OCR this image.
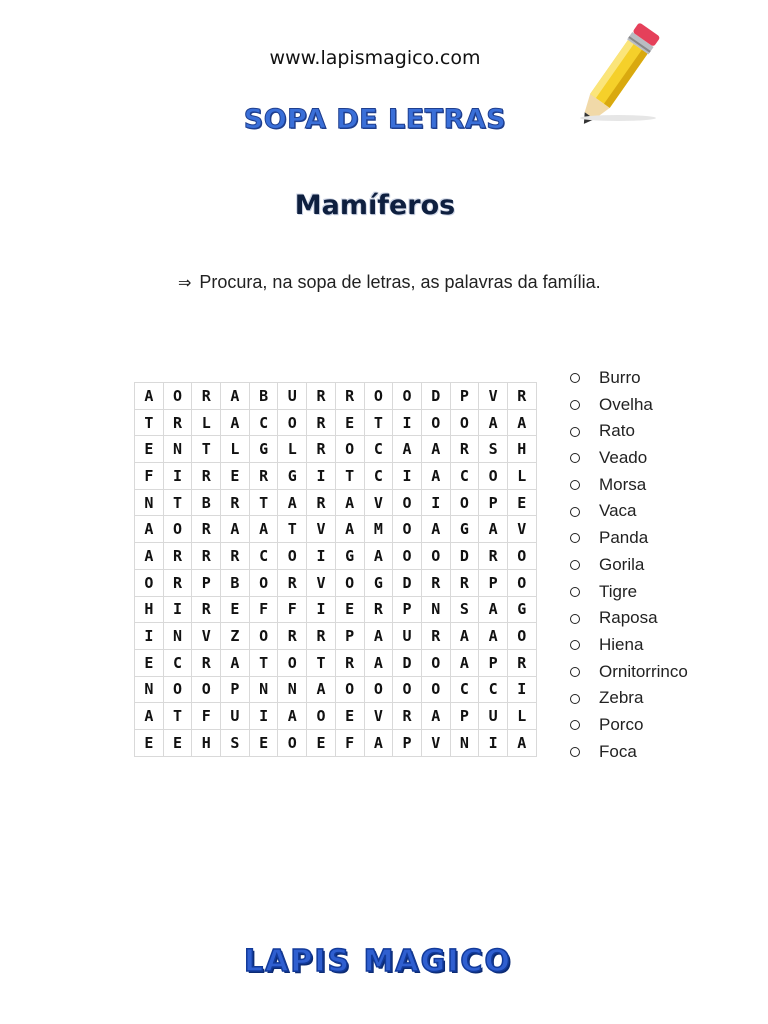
www.lapismagico.com
SOPA DE LETRAS
Mamíferos
⇒ Procura, na sopa de letras, as palavras da família.
A	O	R	A	B	U	R	R	O	O	D	P	V	R
T	R	L	A	C	O	R	E	T	I	O	O	A	A
E	N	T	L	G	L	R	O	C	A	A	R	S	H
F	I	R	E	R	G	I	T	C	I	A	C	O	L
N	T	B	R	T	A	R	A	V	O	I	O	P	E
A	O	R	A	A	T	V	A	M	O	A	G	A	V
A	R	R	R	C	O	I	G	A	O	O	D	R	O
O	R	P	B	O	R	V	O	G	D	R	R	P	O
H	I	R	E	F	F	I	E	R	P	N	S	A	G
I	N	V	Z	O	R	R	P	A	U	R	A	A	O
E	C	R	A	T	O	T	R	A	D	O	A	P	R
N	O	O	P	N	N	A	O	O	O	O	C	C	I
A	T	F	U	I	A	O	E	V	R	A	P	U	L
E	E	H	S	E	O	E	F	A	P	V	N	I	A
Burro
Ovelha
Rato
Veado
Morsa
Vaca
Panda
Gorila
Tigre
Raposa
Hiena
Ornitorrinco
Zebra
Porco
Foca
LAPIS MAGICO
